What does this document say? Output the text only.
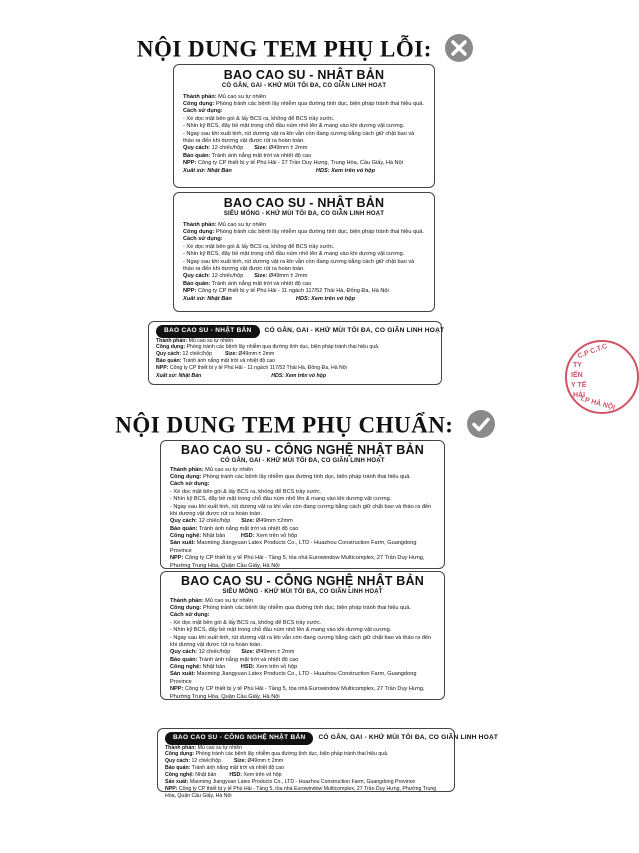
NỘI DUNG TEM PHỤ LỖI:
BAO CAO SU - NHẬT BẢN
CÓ GÂN, GAI - KHỬ MÙI TỐI ĐA, CO GIÃN LINH HOẠT
Thành phần: Mủ cao su tự nhiên
Công dụng: Phòng tránh các bệnh lây nhiễm qua đường tình dục, biện pháp tránh thai hiệu quả.
Cách sử dụng:
- Xé dọc mặt bên gói & lấy BCS ra, không để BCS trầy xước.
- Nhìn kỹ BCS, đẩy bề mặt trong chỗ đầu núm nhô lên & mang vào khi dương vật cương.
- Ngay sau khi xuất tinh, rút dương vật ra khi vẫn còn đang cương bằng cách giữ chặt bao và tháo ra đến khi dương vật được rút ra hoàn toàn.
Quy cách: 12 chiếc/hộp Size: Ø49mm ± 2mm
Bảo quản: Tránh ánh nắng mặt trời và nhiệt độ cao
NPP: Công ty CP thiết bị y tế Phú Hải - 27 Trần Duy Hưng, Trung Hòa, Cầu Giấy, Hà Nội
Xuất xứ: Nhật Bản	HDS: Xem trên vỏ hộp
BAO CAO SU - NHẬT BẢN
SIÊU MỎNG - KHỬ MÙI TỐI ĐA, CO GIÃN LINH HOẠT
Thành phần: Mủ cao su tự nhiên
Công dụng: Phòng tránh các bệnh lây nhiễm qua đường tình dục, biện pháp tránh thai hiệu quả.
Cách sử dụng:
- Xé dọc mặt bên gói & lấy BCS ra, không để BCS trầy xước.
- Nhìn kỹ BCS, đẩy bề mặt trong chỗ đầu núm nhô lên & mang vào khi dương vật cương.
- Ngay sau khi xuất tinh, rút dương vật ra khi vẫn còn đang cương bằng cách giữ chặt bao và tháo ra đến khi dương vật được rút ra hoàn toàn.
Quy cách: 12 chiếc/hộp Size: Ø49mm ± 2mm
Bảo quản: Tránh ánh nắng mặt trời và nhiệt độ cao
NPP: Công ty CP thiết bị y tế Phú Hải - 11 ngách 117/52 Thái Hà, Đống Đa, Hà Nội
Xuất xứ: Nhật Bản	HDS: Xem trên vỏ hộp
BAO CAO SU - NHẬT BẢN	CÓ GÂN, GAI - KHỬ MÙI TỐI ĐA, CO GIÃN LINH HOẠT
Thành phần: Mủ cao su tự nhiên
Công dụng: Phòng tránh các bệnh lây nhiễm qua đường tình dục, biện pháp tránh thai hiệu quả.
Quy cách: 12 chiếc/hộp Size: Ø49mm ± 2mm
Bảo quản: Tránh ánh nắng mặt trời và nhiệt độ cao
NPP: Công ty CP thiết bị y tế Phú Hải - 11 ngách 117/52 Thái Hà, Đống Đa, Hà Nội
Xuất xứ: Nhật Bản	HDS: Xem trên vỏ hộp
C.P C.T.C
TY
IẾN
Y TẾ
HẢI
T.P HÀ NỘI
NỘI DUNG TEM PHỤ CHUẨN:
BAO CAO SU - CÔNG NGHỆ NHẬT BẢN
CÓ GÂN, GAI - KHỬ MÙI TỐI ĐA, CO GIÃN LINH HOẠT
Thành phần: Mủ cao su tự nhiên
Công dụng: Phòng tránh các bệnh lây nhiễm qua đường tình dục, biện pháp tránh thai hiệu quả.
Cách sử dụng:
- Xé dọc mặt bên gói & lấy BCS ra, không để BCS trầy xước.
- Nhìn kỹ BCS, đẩy bề mặt trong chỗ đầu núm nhô lên & mang vào khi dương vật cương.
- Ngay sau khi xuất tinh, rút dương vật ra khi vẫn còn đang cương bằng cách giữ chặt bao và tháo ra đến khi dương vật được rút ra hoàn toàn.
Quy cách: 12 chiếc/hộp Size: Ø49mm ±2mm
Bảo quản: Tránh ánh nắng mặt trời và nhiệt độ cao
Công nghệ: Nhật bản	HSD: Xem trên vỏ hộp
Sản xuất: Maoming Jiangyuan Latex Products Co., LTD - Huazhou Construction Farm, Guangdong Province
NPP: Công ty CP thiết bị y tế Phú Hải - Tầng 5, tòa nhà Eurowindow Multicomplex, 27 Trần Duy Hưng, Phường Trung Hòa, Quận Cầu Giấy, Hà Nội
BAO CAO SU - CÔNG NGHỆ NHẬT BẢN
SIÊU MỎNG - KHỬ MÙI TỐI ĐA, CO GIÃN LINH HOẠT
Thành phần: Mủ cao su tự nhiên
Công dụng: Phòng tránh các bệnh lây nhiễm qua đường tình dục, biện pháp tránh thai hiệu quả.
Cách sử dụng:
- Xé dọc mặt bên gói & lấy BCS ra, không để BCS trầy xước.
- Nhìn kỹ BCS, đẩy bề mặt trong chỗ đầu núm nhô lên & mang vào khi dương vật cương.
- Ngay sau khi xuất tinh, rút dương vật ra khi vẫn còn đang cương bằng cách giữ chặt bao và tháo ra đến khi dương vật được rút ra hoàn toàn.
Quy cách: 12 chiếc/hộp Size: Ø49mm ± 2mm
Bảo quản: Tránh ánh nắng mặt trời và nhiệt độ cao
Công nghệ: Nhật bản	HSD: Xem trên vỏ hộp
Sản xuất: Maoming Jiangyuan Latex Products Co., LTD - Huazhou Construction Farm, Guangdong Province
NPP: Công ty CP thiết bị y tế Phú Hải - Tầng 5, tòa nhà Eurowindow Multicomplex, 27 Trần Duy Hưng, Phường Trung Hòa, Quận Cầu Giấy, Hà Nội
BAO CAO SU - CÔNG NGHỆ NHẬT BẢN	CÓ GÂN, GAI - KHỬ MÙI TỐI ĐA, CO GIÃN LINH HOẠT
Thành phần: Mủ cao su tự nhiên
Công dụng: Phòng tránh các bệnh lây nhiễm qua đường tình dục, biện pháp tránh thai hiệu quả.
Quy cách: 12 chiếc/hộp Size: Ø49mm ± 2mm
Bảo quản: Tránh ánh nắng mặt trời và nhiệt độ cao
Công nghệ: Nhật bản HSD: Xem trên vỏ hộp
Sản xuất: Maoming Jiangyuan Latex Products Co., LTD - Huazhou Construction Farm, Guangdong Province
NPP: Công ty CP thiết bị y tế Phú Hải - Tầng 5, tòa nhà Eurowindow Multicomplex, 27 Trần Duy Hưng, Phường Trung Hòa, Quận Cầu Giấy, Hà Nội
